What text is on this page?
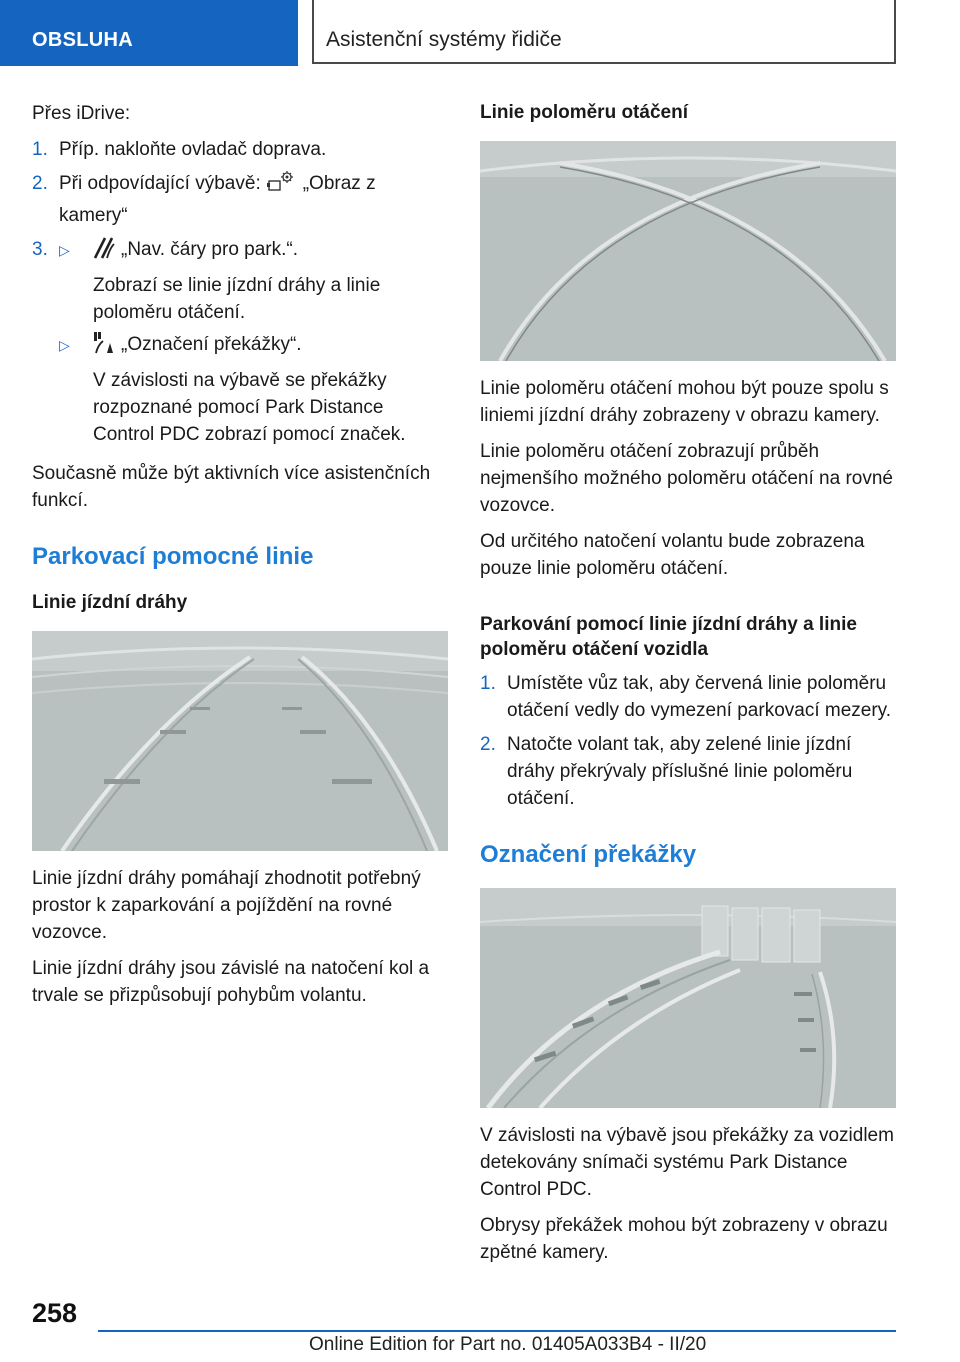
OBSLUHA	Asistenční systémy řidiče

Přes iDrive:

1. Příp. nakloňte ovladač doprava.
2. Při odpovídající výbavě: „Obraz z kamery“
3. ▷	„Nav. čáry pro park.“.

Zobrazí se linie jízdní dráhy a linie poloměru otáčení.

▷	„Označení překážky“.

V závislosti na výbavě se překážky rozpoznané pomocí Park Distance Control PDC zobrazí pomocí značek.

Současně může být aktivních více asistenčních funkcí.

Parkovací pomocné linie
Linie jízdní dráhy

Linie jízdní dráhy pomáhají zhodnotit potřebný prostor k zaparkování a pojíždění na rovné vozovce.

Linie jízdní dráhy jsou závislé na natočení kol a trvale se přizpůsobují pohybům volantu.

Linie poloměru otáčení

Linie poloměru otáčení mohou být pouze spolu s liniemi jízdní dráhy zobrazeny v obrazu kamery.

Linie poloměru otáčení zobrazují průběh nejmenšího možného poloměru otáčení na rovné vozovce.

Od určitého natočení volantu bude zobrazena pouze linie poloměru otáčení.

Parkování pomocí linie jízdní dráhy a linie poloměru otáčení vozidla
1. Umístěte vůz tak, aby červená linie poloměru otáčení vedly do vymezení parkovací mezery.
2. Natočte volant tak, aby zelené linie jízdní dráhy překrývaly příslušné linie poloměru otáčení.
Označení překážky

V závislosti na výbavě jsou překážky za vozidlem detekovány snímači systému Park Distance Control PDC.

Obrysy překážek mohou být zobrazeny v obrazu zpětné kamery.

258
Online Edition for Part no. 01405A033B4 - II/20
